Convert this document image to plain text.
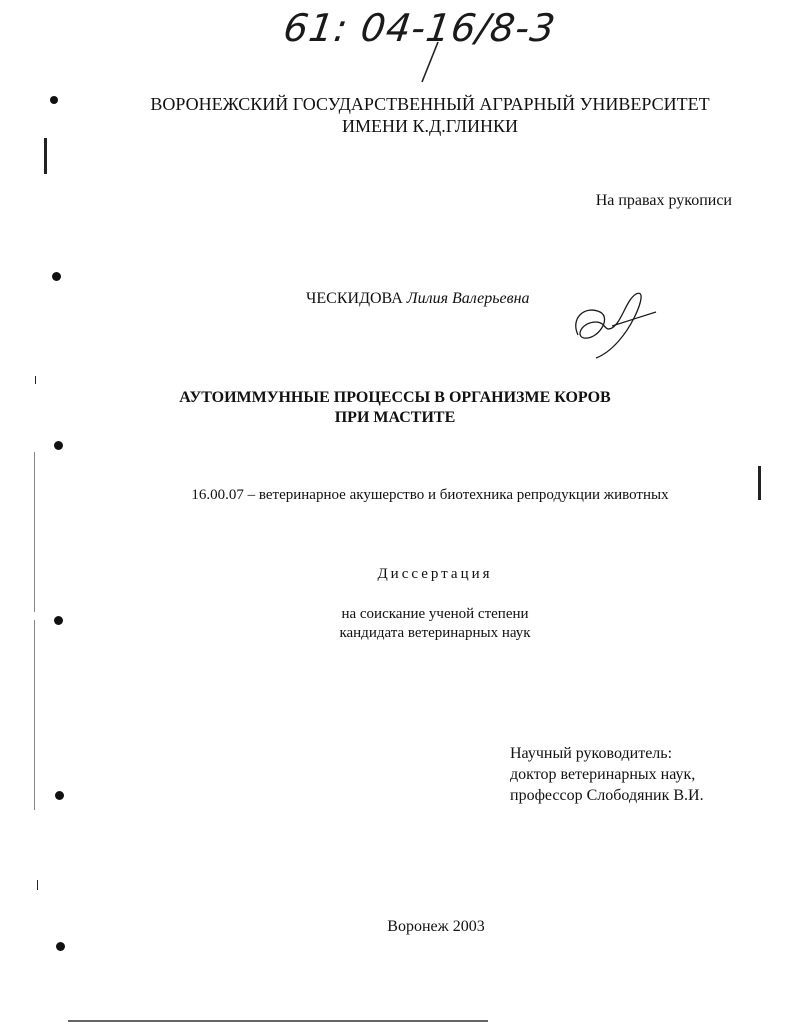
61: 04-16/8-3
ВОРОНЕЖСКИЙ ГОСУДАРСТВЕННЫЙ АГРАРНЫЙ УНИВЕРСИТЕТ
ИМЕНИ К.Д.ГЛИНКИ
На правах рукописи
ЧЕСКИДОВА Лилия Валерьевна
АУТОИММУННЫЕ ПРОЦЕССЫ В ОРГАНИЗМЕ КОРОВ
ПРИ МАСТИТЕ
16.00.07 – ветеринарное акушерство и биотехника репродукции животных
Диссертация
на соискание ученой степени
кандидата ветеринарных наук
Научный руководитель:
доктор ветеринарных наук,
профессор Слободяник В.И.
Воронеж 2003
